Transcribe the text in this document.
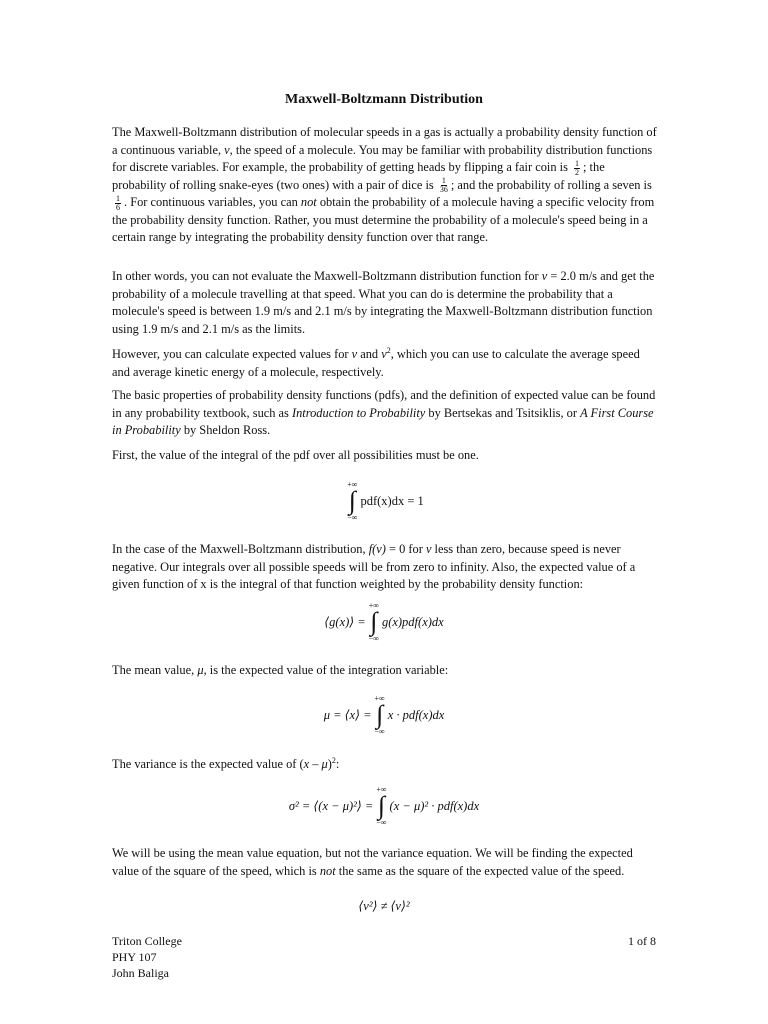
Maxwell-Boltzmann Distribution

The Maxwell-Boltzmann distribution of molecular speeds in a gas is actually a probability density function of a continuous variable, v, the speed of a molecule. You may be familiar with probability distribution functions for discrete variables. For example, the probability of getting heads by flipping a fair coin is $\frac{1}{2}$ ; the probability of rolling snake-eyes (two ones) with a pair of dice is $\frac{1}{36}$ ; and the probability of rolling a seven is
$\frac{1}{6}$ . For continuous variables, you can not obtain the probability of a molecule having a specific velocity from the probability density function. Rather, you must determine the probability of a molecule's speed being in a certain range by integrating the probability density function over that range.

In other words, you can not evaluate the Maxwell-Boltzmann distribution function for v = 2.0 m/s and get the probability of a molecule travelling at that speed. What you can do is determine the probability that a molecule's speed is between 1.9 m/s and 2.1 m/s by integrating the Maxwell-Boltzmann distribution function using 1.9 m/s and 2.1 m/s as the limits.

However, you can calculate expected values for v and $v^2$, which you can use to calculate the average speed and average kinetic energy of a molecule, respectively.

The basic properties of probability density functions (pdfs), and the definition of expected value can be found in any probability textbook, such as Introduction to Probability by Bertsekas and Tsitsiklis, or A First Course in Probability by Sheldon Ross.

First, the value of the integral of the pdf over all possibilities must be one.

+∞
∫
−∞
pdf(x)dx = 1

In the case of the Maxwell-Boltzmann distribution, f(v) = 0 for v less than zero, because speed is never negative. Our integrals over all possible speeds will be from zero to infinity. Also, the expected value of a given function of x is the integral of that function weighted by the probability density function:

⟨g(x)⟩ =
+∞
∫
−∞
g(x)pdf(x)dx

The mean value, μ, is the expected value of the integration variable:

μ = ⟨x⟩ =
+∞
∫
−∞
x · pdf(x)dx

The variance is the expected value of (x – μ)$^2$:

σ² = ⟨(x − μ)²⟩ =
+∞
∫
−∞
(x − μ)² · pdf(x)dx

We will be using the mean value equation, but not the variance equation. We will be finding the expected value of the square of the speed, which is not the same as the square of the expected value of the speed.

⟨v²⟩ ≠ ⟨v⟩²
Triton College
PHY 107
John Baliga
1 of 8
